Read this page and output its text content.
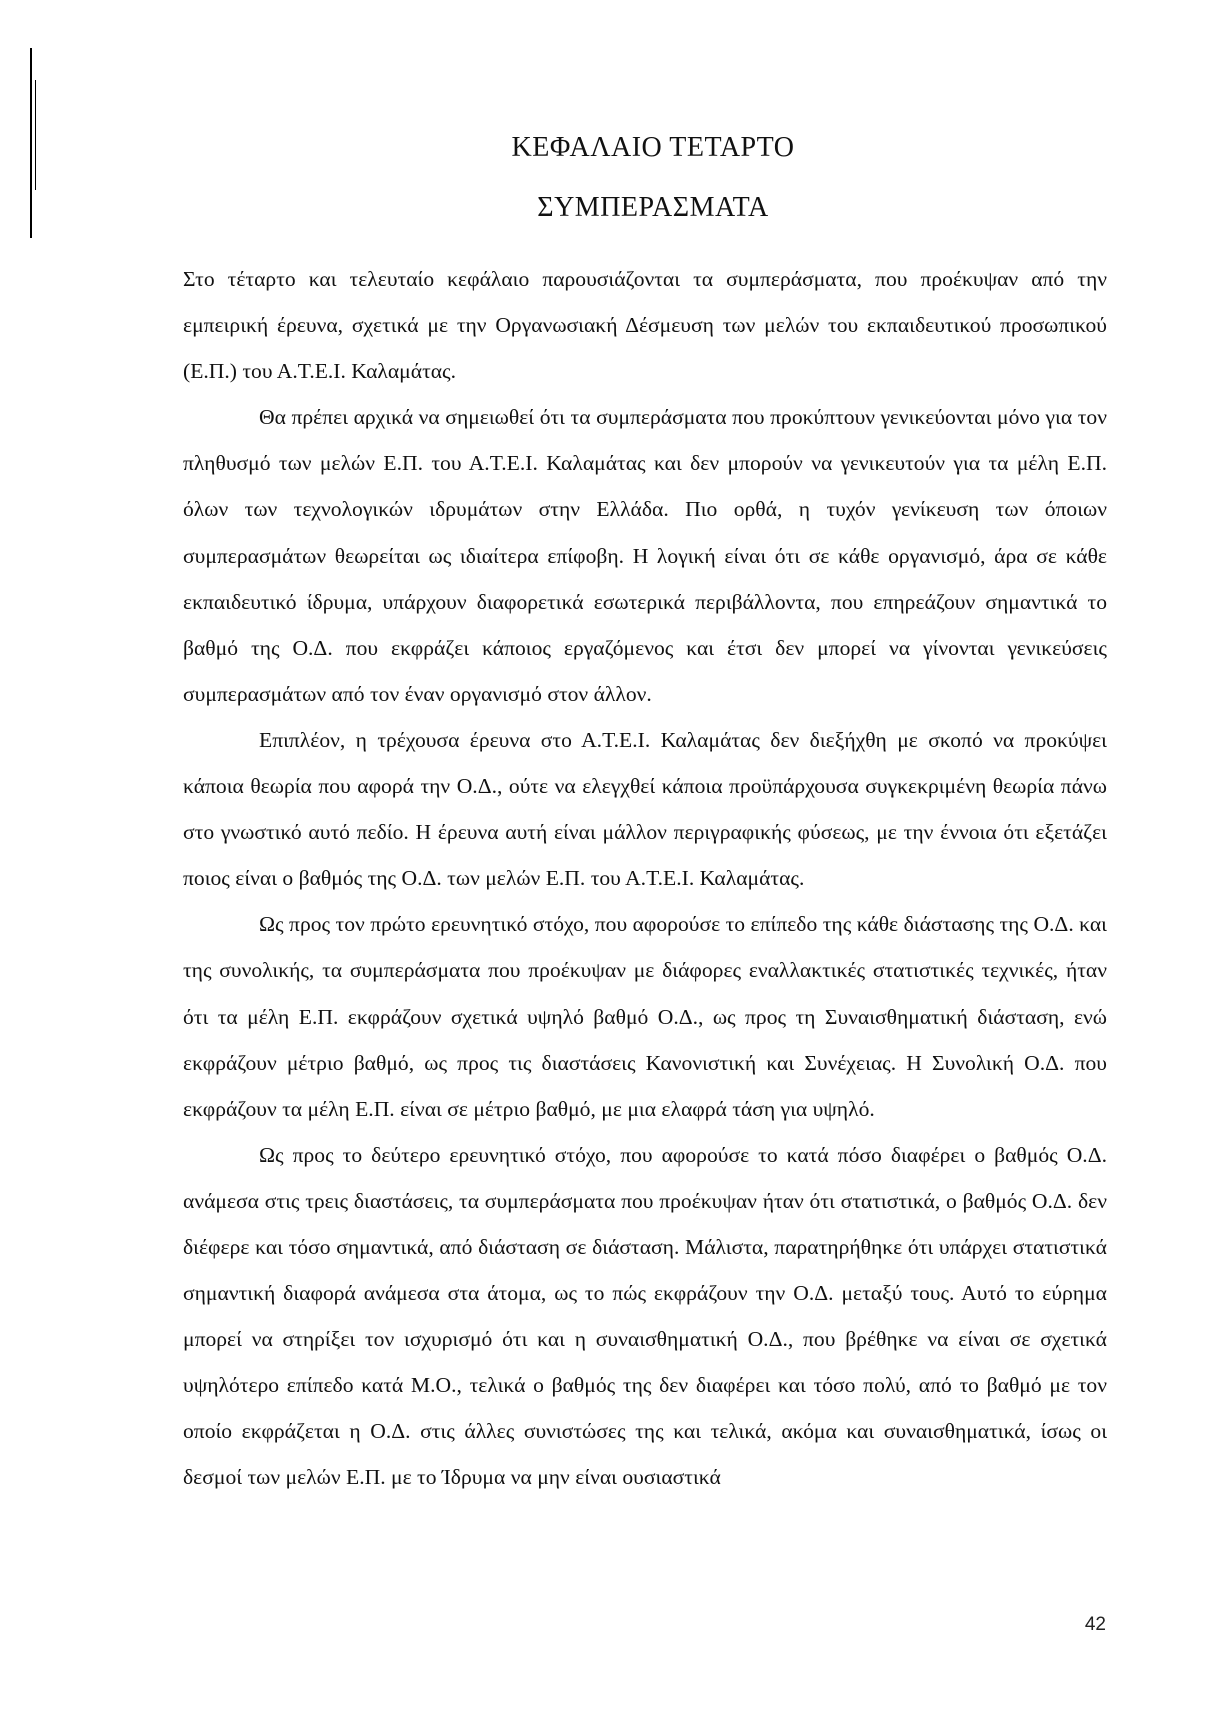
ΚΕΦΑΛΑΙΟ ΤΕΤΑΡΤΟ
ΣΥΜΠΕΡΑΣΜΑΤΑ

Στο τέταρτο και τελευταίο κεφάλαιο παρουσιάζονται τα συμπεράσματα, που προέκυψαν από την εμπειρική έρευνα, σχετικά με την Οργανωσιακή Δέσμευση των μελών του εκπαιδευτικού προσωπικού (Ε.Π.) του Α.Τ.Ε.Ι. Καλαμάτας.

Θα πρέπει αρχικά να σημειωθεί ότι τα συμπεράσματα που προκύπτουν γενικεύονται μόνο για τον πληθυσμό των μελών Ε.Π. του Α.Τ.Ε.Ι. Καλαμάτας και δεν μπορούν να γενικευτούν για τα μέλη Ε.Π. όλων των τεχνολογικών ιδρυμάτων στην Ελλάδα. Πιο ορθά, η τυχόν γενίκευση των όποιων συμπερασμάτων θεωρείται ως ιδιαίτερα επίφοβη. Η λογική είναι ότι σε κάθε οργανισμό, άρα σε κάθε εκπαιδευτικό ίδρυμα, υπάρχουν διαφορετικά εσωτερικά περιβάλλοντα, που επηρεάζουν σημαντικά το βαθμό της Ο.Δ. που εκφράζει κάποιος εργαζόμενος και έτσι δεν μπορεί να γίνονται γενικεύσεις συμπερασμάτων από τον έναν οργανισμό στον άλλον.

Επιπλέον, η τρέχουσα έρευνα στο Α.Τ.Ε.Ι. Καλαμάτας δεν διεξήχθη με σκοπό να προκύψει κάποια θεωρία που αφορά την Ο.Δ., ούτε να ελεγχθεί κάποια προϋπάρχουσα συγκεκριμένη θεωρία πάνω στο γνωστικό αυτό πεδίο. Η έρευνα αυτή είναι μάλλον περιγραφικής φύσεως, με την έννοια ότι εξετάζει ποιος είναι ο βαθμός της Ο.Δ. των μελών Ε.Π. του Α.Τ.Ε.Ι. Καλαμάτας.

Ως προς τον πρώτο ερευνητικό στόχο, που αφορούσε το επίπεδο της κάθε διάστασης της Ο.Δ. και της συνολικής, τα συμπεράσματα που προέκυψαν με διάφορες εναλλακτικές στατιστικές τεχνικές, ήταν ότι τα μέλη Ε.Π. εκφράζουν σχετικά υψηλό βαθμό Ο.Δ., ως προς τη Συναισθηματική διάσταση, ενώ εκφράζουν μέτριο βαθμό, ως προς τις διαστάσεις Κανονιστική και Συνέχειας. Η Συνολική Ο.Δ. που εκφράζουν τα μέλη Ε.Π. είναι σε μέτριο βαθμό, με μια ελαφρά τάση για υψηλό.

Ως προς το δεύτερο ερευνητικό στόχο, που αφορούσε το κατά πόσο διαφέρει ο βαθμός Ο.Δ. ανάμεσα στις τρεις διαστάσεις, τα συμπεράσματα που προέκυψαν ήταν ότι στατιστικά, ο βαθμός Ο.Δ. δεν διέφερε και τόσο σημαντικά, από διάσταση σε διάσταση. Μάλιστα, παρατηρήθηκε ότι υπάρχει στατιστικά σημαντική διαφορά ανάμεσα στα άτομα, ως το πώς εκφράζουν την Ο.Δ. μεταξύ τους. Αυτό το εύρημα μπορεί να στηρίξει τον ισχυρισμό ότι και η συναισθηματική Ο.Δ., που βρέθηκε να είναι σε σχετικά υψηλότερο επίπεδο κατά Μ.Ο., τελικά ο βαθμός της δεν διαφέρει και τόσο πολύ, από το βαθμό με τον οποίο εκφράζεται η Ο.Δ. στις άλλες συνιστώσες της και τελικά, ακόμα και συναισθηματικά, ίσως οι δεσμοί των μελών Ε.Π. με το Ίδρυμα να μην είναι ουσιαστικά

42
